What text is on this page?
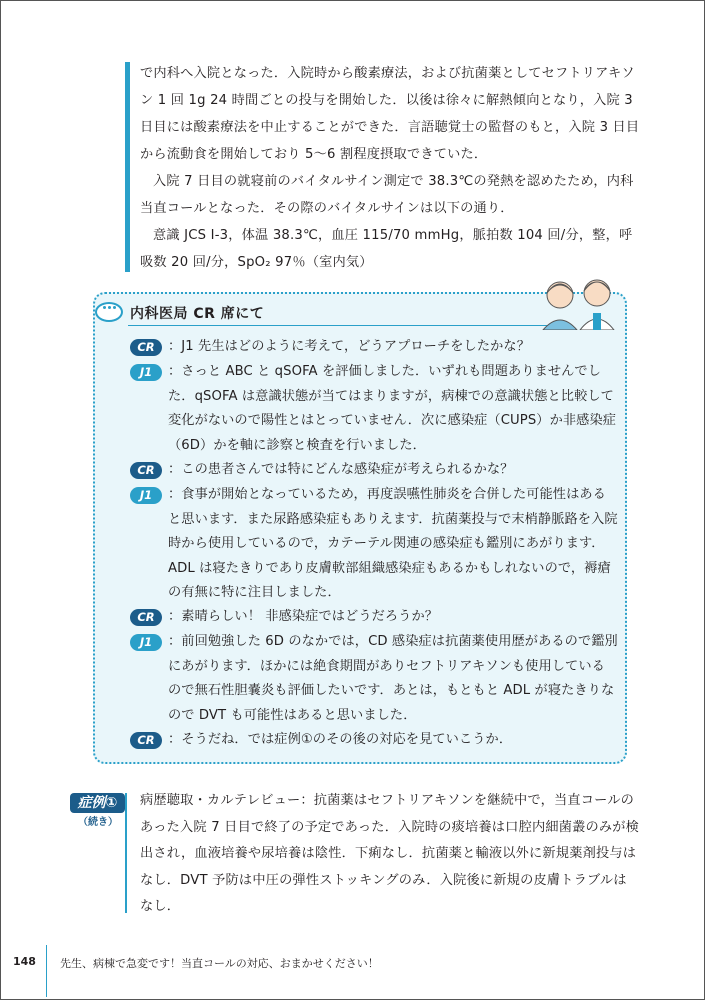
で内科へ入院となった．入院時から酸素療法，および抗菌薬としてセフトリアキソン 1 回 1g 24 時間ごとの投与を開始した．以後は徐々に解熱傾向となり，入院 3 日目には酸素療法を中止することができた．言語聴覚士の監督のもと，入院 3 日目から流動食を開始しており 5～6 割程度摂取できていた．
入院 7 日目の就寝前のバイタルサイン測定で 38.3℃の発熱を認めたため，内科当直コールとなった．その際のバイタルサインは以下の通り．
意識 JCS Ⅰ-3，体温 38.3℃，血圧 115/70 mmHg，脈拍数 104 回/分，整，呼吸数 20 回/分，SpO₂ 97％（室内気）

内科医局 CR 席にて
CR	：J1 先生はどのように考えて，どうアプローチをしたかな？

J1	：さっと ABC と qSOFA を評価しました．いずれも問題ありませんでした．qSOFA は意識状態が当てはまりますが，病棟での意識状態と比較して変化がないので陽性とはとっていません．次に感染症（CUPS）か非感染症（6D）かを軸に診察と検査を行いました．

CR	：この患者さんでは特にどんな感染症が考えられるかな？

J1	：食事が開始となっているため，再度誤嚥性肺炎を合併した可能性はあると思います．また尿路感染症もありえます．抗菌薬投与で末梢静脈路を入院時から使用しているので，カテーテル関連の感染症も鑑別にあがります．ADL は寝たきりであり皮膚軟部組織感染症もあるかもしれないので，褥瘡の有無に特に注目しました．

CR	：素晴らしい！ 非感染症ではどうだろうか？

J1	：前回勉強した 6D のなかでは，CD 感染症は抗菌薬使用歴があるので鑑別にあがります．ほかには絶食期間がありセフトリアキソンも使用しているので無石性胆嚢炎も評価したいです．あとは，もともと ADL が寝たきりなので DVT も可能性はあると思いました．

CR	：そうだね．では症例①のその後の対応を見ていこうか．

症例①
（続き）

病歴聴取・カルテレビュー：抗菌薬はセフトリアキソンを継続中で，当直コールのあった入院 7 日目で終了の予定であった．入院時の痰培養は口腔内細菌叢のみが検出され，血液培養や尿培養は陰性．下痢なし．抗菌薬と輸液以外に新規薬剤投与はなし．DVT 予防は中圧の弾性ストッキングのみ．入院後に新規の皮膚トラブルはなし．

148 先生、病棟で急変です！当直コールの対応、おまかせください！
